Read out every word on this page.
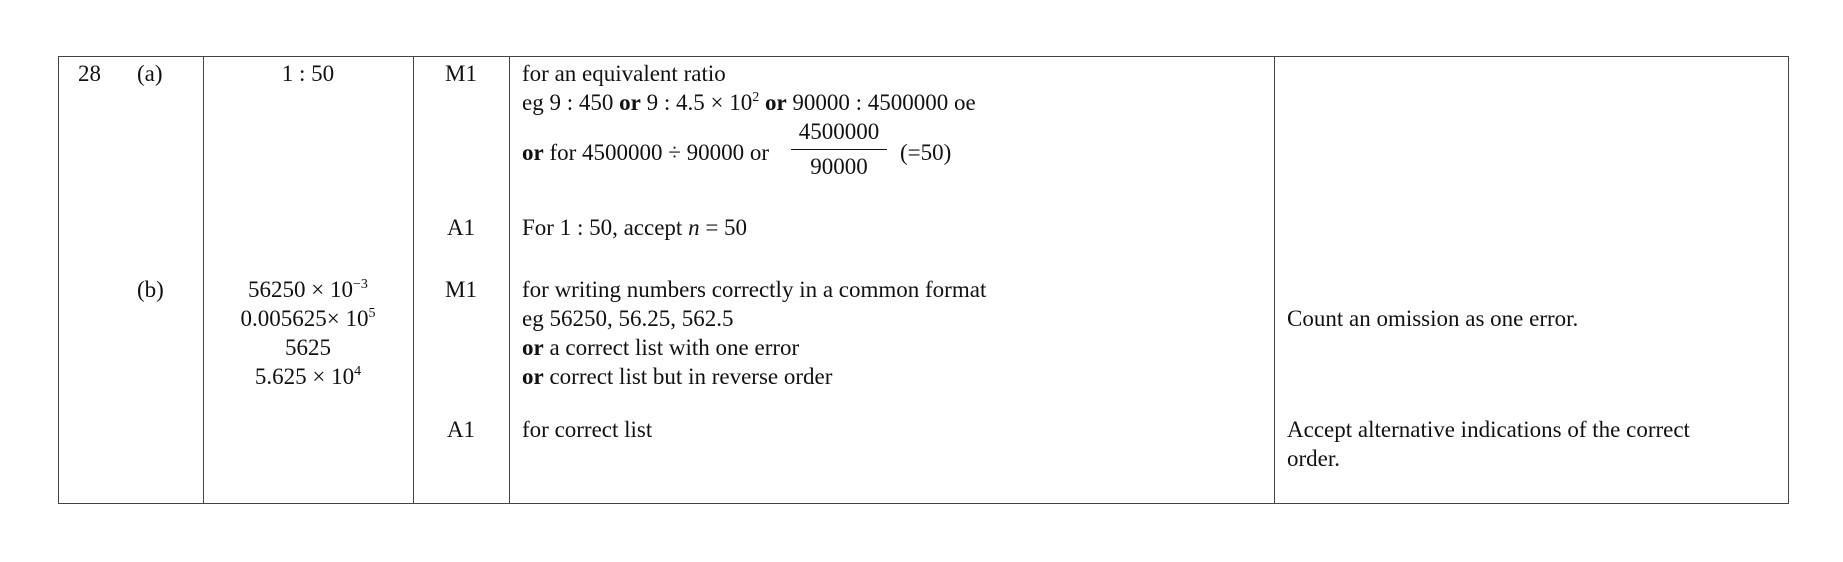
28 (a)
(b)
1 : 50
$56250 \times 10^{-3}$
$0.005625\times 10^5$
5625
$5.625 \times 10^4$
M1
A1
M1
A1
for an equivalent ratio
eg 9 : 450 or 9 : $4.5 \times 10^2$ or 90000 : 4500000 oe
or for 4500000 ÷ 90000 or
4500000
90000
(=50)
For 1 : 50, accept n = 50
for writing numbers correctly in a common format
eg 56250, 56.25, 562.5
or a correct list with one error
or correct list but in reverse order
for correct list
Count an omission as one error.
Accept alternative indications of the correct
order.
